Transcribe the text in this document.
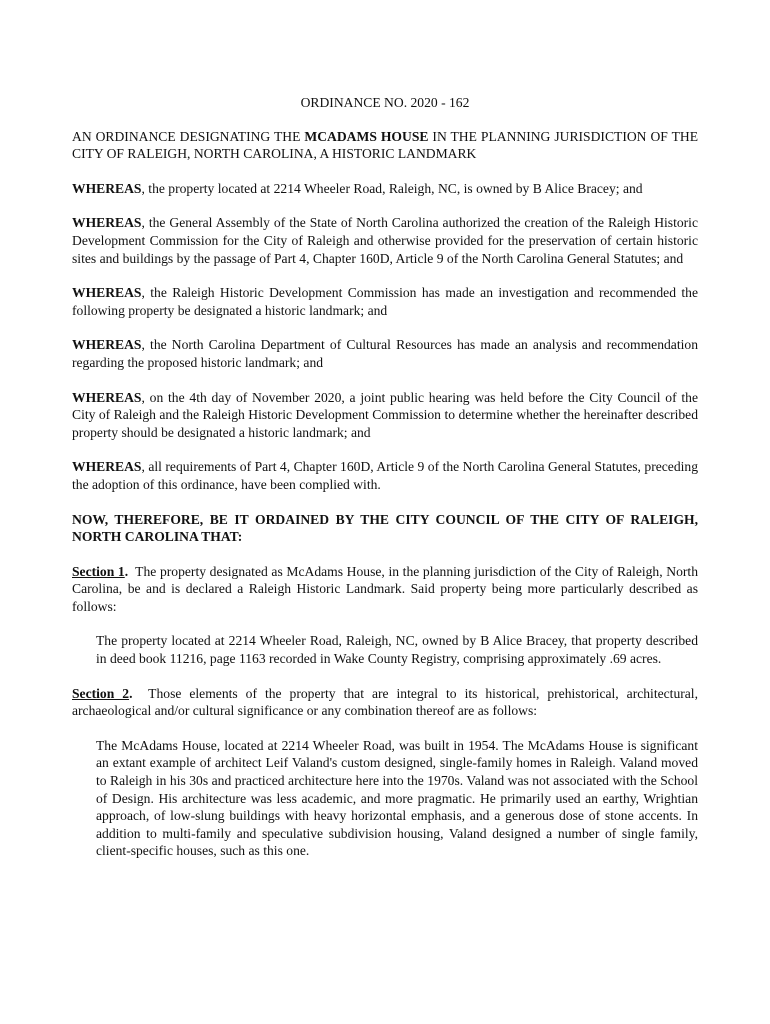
ORDINANCE NO. 2020 - 162

AN ORDINANCE DESIGNATING THE MCADAMS HOUSE IN THE PLANNING JURISDICTION OF THE CITY OF RALEIGH, NORTH CAROLINA, A HISTORIC LANDMARK

WHEREAS, the property located at 2214 Wheeler Road, Raleigh, NC, is owned by B Alice Bracey; and

WHEREAS, the General Assembly of the State of North Carolina authorized the creation of the Raleigh Historic Development Commission for the City of Raleigh and otherwise provided for the preservation of certain historic sites and buildings by the passage of Part 4, Chapter 160D, Article 9 of the North Carolina General Statutes; and

WHEREAS, the Raleigh Historic Development Commission has made an investigation and recommended the following property be designated a historic landmark; and

WHEREAS, the North Carolina Department of Cultural Resources has made an analysis and recommendation regarding the proposed historic landmark; and

WHEREAS, on the 4th day of November 2020, a joint public hearing was held before the City Council of the City of Raleigh and the Raleigh Historic Development Commission to determine whether the hereinafter described property should be designated a historic landmark; and

WHEREAS, all requirements of Part 4, Chapter 160D, Article 9 of the North Carolina General Statutes, preceding the adoption of this ordinance, have been complied with.

NOW, THEREFORE, BE IT ORDAINED BY THE CITY COUNCIL OF THE CITY OF RALEIGH, NORTH CAROLINA THAT:

Section 1.  The property designated as McAdams House, in the planning jurisdiction of the City of Raleigh, North Carolina, be and is declared a Raleigh Historic Landmark. Said property being more particularly described as follows:

The property located at 2214 Wheeler Road, Raleigh, NC, owned by B Alice Bracey, that property described in deed book 11216, page 1163 recorded in Wake County Registry, comprising approximately .69 acres.

Section 2.  Those elements of the property that are integral to its historical, prehistorical, architectural, archaeological and/or cultural significance or any combination thereof are as follows:

The McAdams House, located at 2214 Wheeler Road, was built in 1954. The McAdams House is significant an extant example of architect Leif Valand's custom designed, single-family homes in Raleigh. Valand moved to Raleigh in his 30s and practiced architecture here into the 1970s. Valand was not associated with the School of Design. His architecture was less academic, and more pragmatic. He primarily used an earthy, Wrightian approach, of low-slung buildings with heavy horizontal emphasis, and a generous dose of stone accents. In addition to multi-family and speculative subdivision housing, Valand designed a number of single family, client-specific houses, such as this one.
